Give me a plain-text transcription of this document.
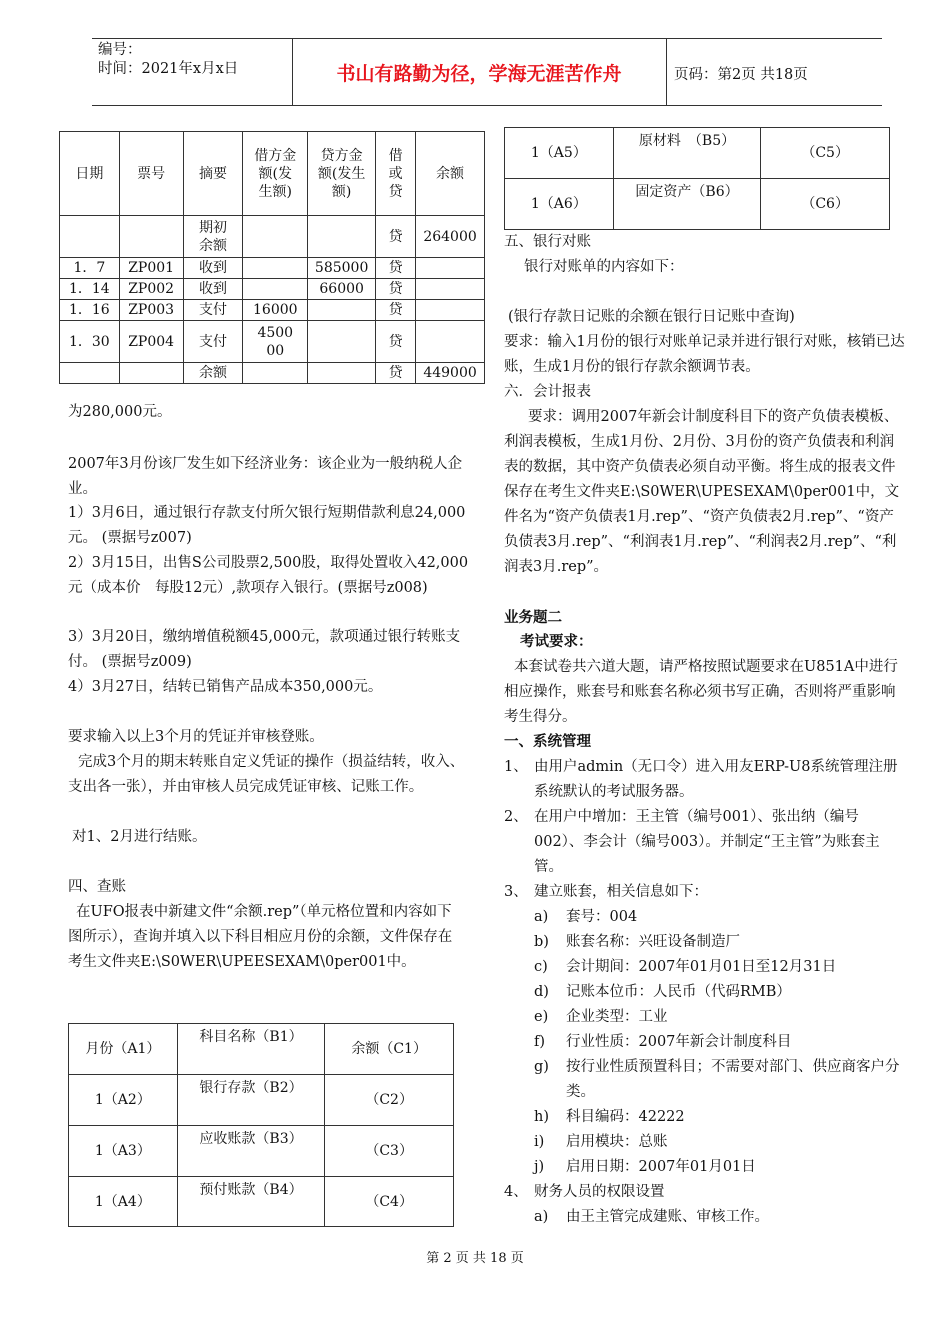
编号：
时间：2021年x月x日	书山有路勤为径，学海无涯苦作舟	页码：第2页 共18页
日期	票号	摘要	借方金额(发生额)	贷方金额(发生额)	借或贷	余额
		期初余额			贷	264000
1．7	ZP001	收到		585000	贷	
1．14	ZP002	收到		66000	贷	
1．16	ZP003	支付	16000		贷	
1．30	ZP004	支付	450000		贷	
		余额			贷	449000
为280,000元。
2007年3月份该厂发生如下经济业务：该企业为一般纳税人企业。
1）3月6日，通过银行存款支付所欠银行短期借款利息24,000元。 (票据号z007)
2）3月15日，出售S公司股票2,500股，取得处置收入42,000元（成本价　每股12元）,款项存入银行。(票据号z008)
3）3月20日，缴纳增值税额45,000元，款项通过银行转账支付。 (票据号z009)
4）3月27日，结转已销售产品成本350,000元。
要求输入以上3个月的凭证并审核登账。
完成3个月的期末转账自定义凭证的操作（损益结转，收入、支出各一张），并由审核人员完成凭证审核、记账工作。
对1、2月进行结账。
四、查账
在UFO报表中新建文件“余额.rep”（单元格位置和内容如下图所示），查询并填入以下科目相应月份的余额，文件保存在考生文件夹E:\S0WER\UPEESEXAM\0per001中。
月份（A1）	科目名称（B1）	余额（C1）
1（A2）	银行存款（B2）	（C2）
1（A3）	应收账款（B3）	（C3）
1（A4）	预付账款（B4）	（C4）
1（A5）	原材料　（B5）	（C5）
1（A6）	固定资产（B6）	（C6）
五、银行对账
银行对账单的内容如下：
(银行存款日记账的余额在银行日记账中查询)
要求：输入1月份的银行对账单记录并进行银行对账，核销已达账，生成1月份的银行存款余额调节表。
六．会计报表
要求：调用2007年新会计制度科目下的资产负债表模板、利润表模板，生成1月份、2月份、3月份的资产负债表和利润表的数据，其中资产负债表必须自动平衡。将生成的报表文件保存在考生文件夹E:\S0WER\UPESEXAM\0per001中，文件名为“资产负债表1月.rep”、“资产负债表2月.rep”、“资产负债表3月.rep”、“利润表1月.rep”、“利润表2月.rep”、“利润表3月.rep”。
业务题二
考试要求：
本套试卷共六道大题，请严格按照试题要求在U851A中进行相应操作，账套号和账套名称必须书写正确，否则将严重影响考生得分。
一、系统管理
1、 由用户admin（无口令）进入用友ERP-U8系统管理注册系统默认的考试服务器。
2、 在用户中增加：王主管（编号001）、张出纳（编号002）、李会计（编号003）。并制定“王主管”为账套主管。
3、 建立账套，相关信息如下：
a) 套号：004
b) 账套名称：兴旺设备制造厂
c) 会计期间：2007年01月01日至12月31日
d) 记账本位币：人民币（代码RMB）
e) 企业类型：工业
f) 行业性质：2007年新会计制度科目
g) 按行业性质预置科目；不需要对部门、供应商客户分类。
h) 科目编码：42222
i) 启用模块：总账
j) 启用日期：2007年01月01日
4、 财务人员的权限设置
a) 由王主管完成建账、审核工作。
第 2 页 共 18 页
